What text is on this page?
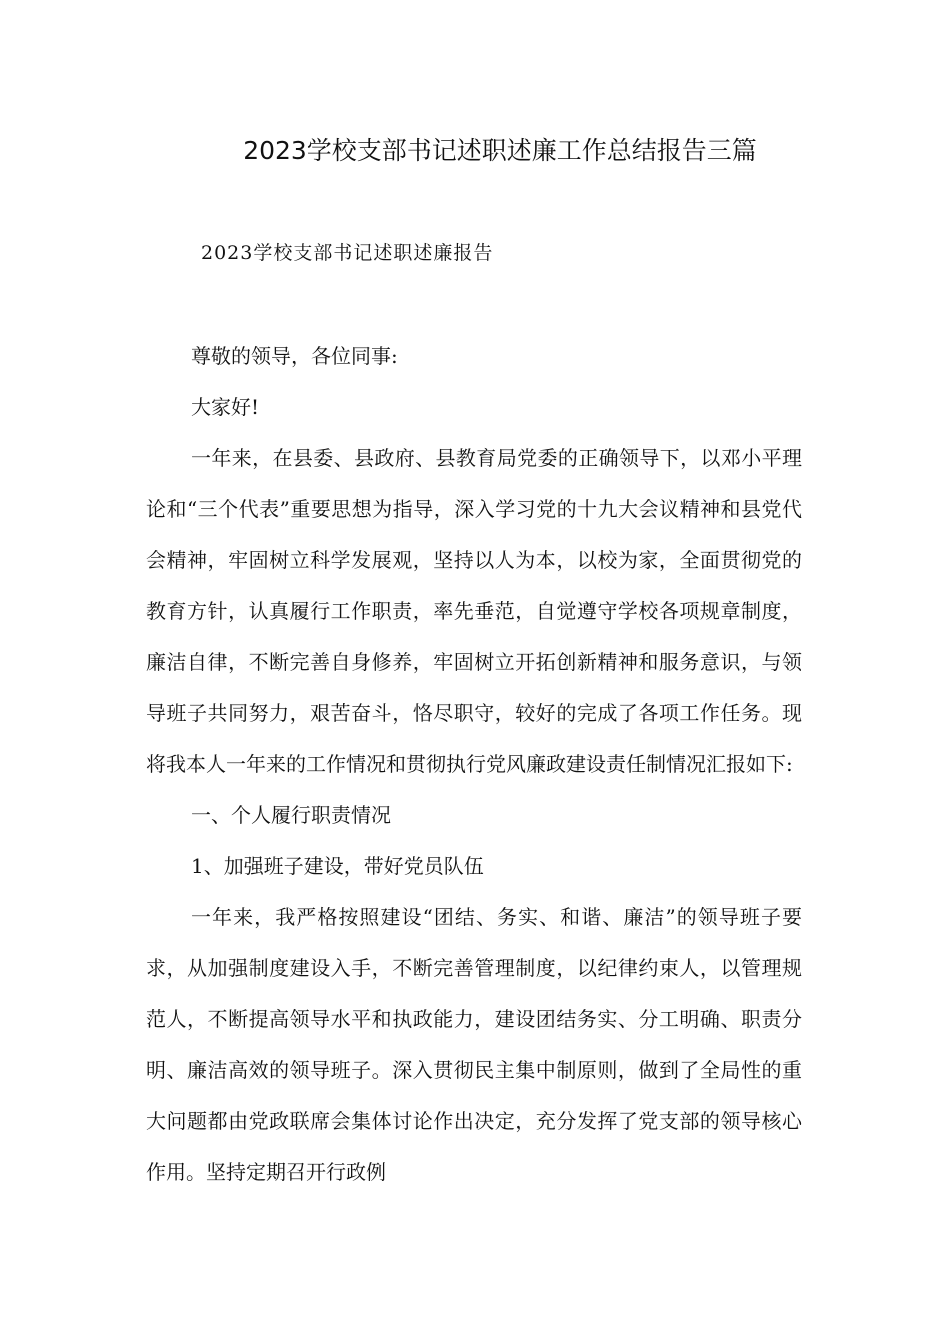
2023学校支部书记述职述廉工作总结报告三篇
2023学校支部书记述职述廉报告

尊敬的领导，各位同事:

大家好!

一年来，在县委、县政府、县教育局党委的正确领导下，以邓小平理论和“三个代表”重要思想为指导，深入学习党的十九大会议精神和县党代会精神，牢固树立科学发展观，坚持以人为本，以校为家，全面贯彻党的教育方针，认真履行工作职责，率先垂范，自觉遵守学校各项规章制度，廉洁自律，不断完善自身修养，牢固树立开拓创新精神和服务意识，与领导班子共同努力，艰苦奋斗，恪尽职守，较好的完成了各项工作任务。现将我本人一年来的工作情况和贯彻执行党风廉政建设责任制情况汇报如下:

一、个人履行职责情况

1、加强班子建设，带好党员队伍

一年来，我严格按照建设“团结、务实、和谐、廉洁”的领导班子要求，从加强制度建设入手，不断完善管理制度，以纪律约束人，以管理规范人，不断提高领导水平和执政能力，建设团结务实、分工明确、职责分明、廉洁高效的领导班子。深入贯彻民主集中制原则，做到了全局性的重大问题都由党政联席会集体讨论作出决定，充分发挥了党支部的领导核心作用。坚持定期召开行政例
